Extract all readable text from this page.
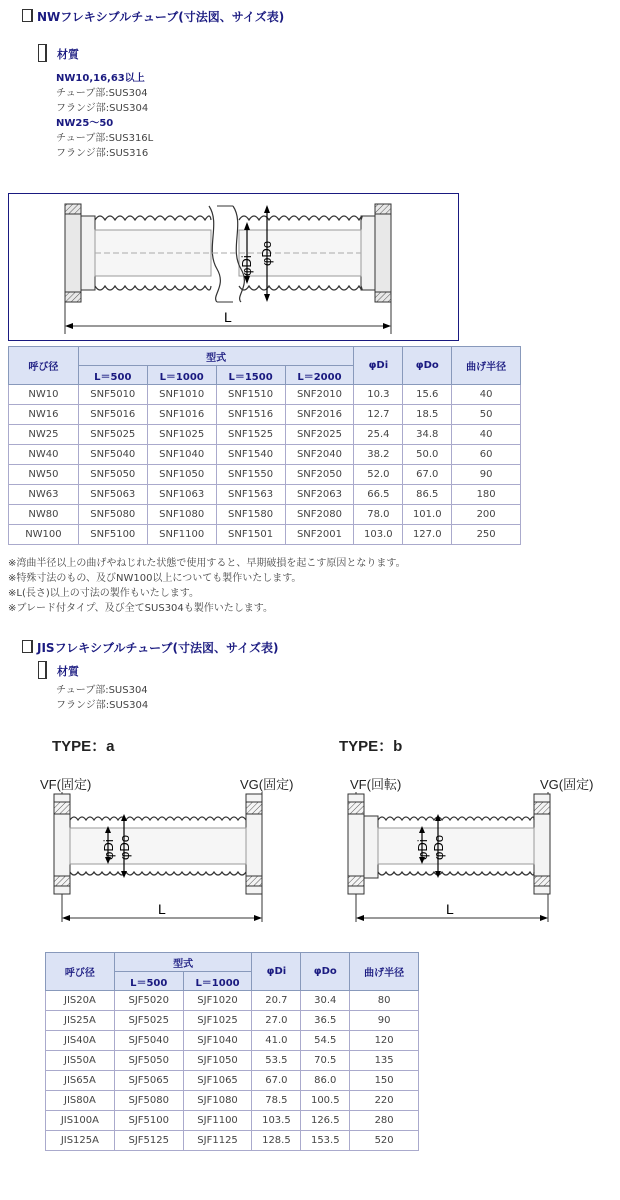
NWフレキシブルチューブ(寸法図、サイズ表)
材質
NW10,16,63以上
チューブ部:SUS304
フランジ部:SUS304
NW25～50
チューブ部:SUS316L
フランジ部:SUS316
φDi φDo
L
呼び径	型式				φDi	φDo	曲げ半径
	L＝500	L＝1000	L＝1500	L＝2000			
NW10	SNF5010	SNF1010	SNF1510	SNF2010	10.3	15.6	40
NW16	SNF5016	SNF1016	SNF1516	SNF2016	12.7	18.5	50
NW25	SNF5025	SNF1025	SNF1525	SNF2025	25.4	34.8	40
NW40	SNF5040	SNF1040	SNF1540	SNF2040	38.2	50.0	60
NW50	SNF5050	SNF1050	SNF1550	SNF2050	52.0	67.0	90
NW63	SNF5063	SNF1063	SNF1563	SNF2063	66.5	86.5	180
NW80	SNF5080	SNF1080	SNF1580	SNF2080	78.0	101.0	200
NW100	SNF5100	SNF1100	SNF1501	SNF2001	103.0	127.0	250
※湾曲半径以上の曲げやねじれた状態で使用すると、早期破損を起こす原因となります。
※特殊寸法のもの、及びNW100以上についても製作いたします。
※L(長さ)以上の寸法の製作もいたします。
※ブレード付タイプ、及び全てSUS304も製作いたします。
JISフレキシブルチューブ(寸法図、サイズ表)
材質
チューブ部:SUS304
フランジ部:SUS304
TYPE：a
VF(固定)	VG(固定)
φDi φDo
L
TYPE：b
VF(回転)	VG(固定)
φDi φDo
L
呼び径	型式		φDi	φDo	曲げ半径
	L＝500	L＝1000			
JIS20A	SJF5020	SJF1020	20.7	30.4	80
JIS25A	SJF5025	SJF1025	27.0	36.5	90
JIS40A	SJF5040	SJF1040	41.0	54.5	120
JIS50A	SJF5050	SJF1050	53.5	70.5	135
JIS65A	SJF5065	SJF1065	67.0	86.0	150
JIS80A	SJF5080	SJF1080	78.5	100.5	220
JIS100A	SJF5100	SJF1100	103.5	126.5	280
JIS125A	SJF5125	SJF1125	128.5	153.5	520
